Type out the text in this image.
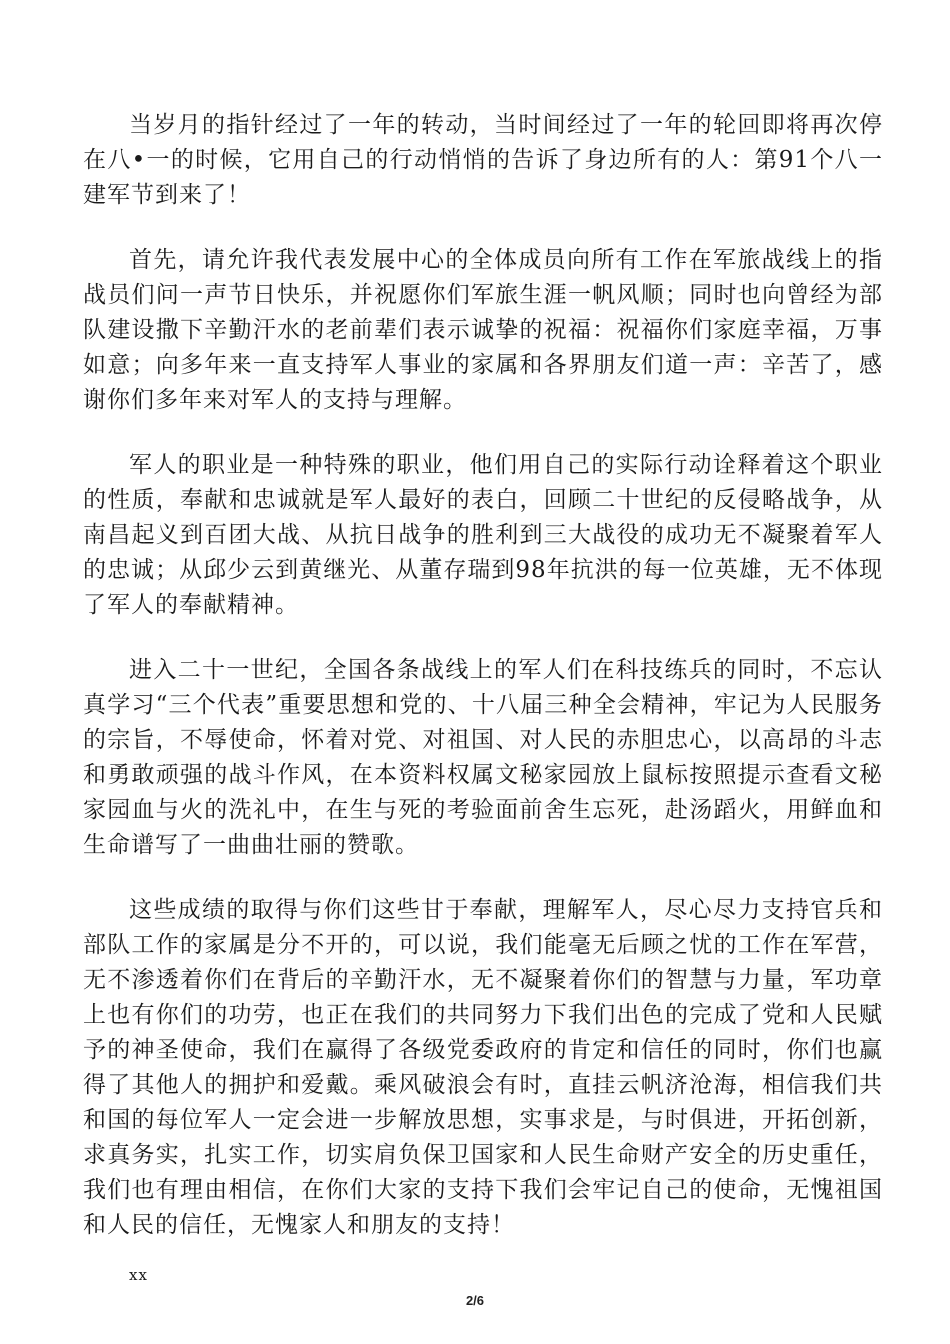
当岁月的指针经过了一年的转动，当时间经过了一年的轮回即将再次停在八•一的时候，它用自己的行动悄悄的告诉了身边所有的人：第91个八一建军节到来了！

首先，请允许我代表发展中心的全体成员向所有工作在军旅战线上的指战员们问一声节日快乐，并祝愿你们军旅生涯一帆风顺；同时也向曾经为部队建设撒下辛勤汗水的老前辈们表示诚挚的祝福：祝福你们家庭幸福，万事如意；向多年来一直支持军人事业的家属和各界朋友们道一声：辛苦了，感谢你们多年来对军人的支持与理解。

军人的职业是一种特殊的职业，他们用自己的实际行动诠释着这个职业的性质，奉献和忠诚就是军人最好的表白，回顾二十世纪的反侵略战争，从南昌起义到百团大战、从抗日战争的胜利到三大战役的成功无不凝聚着军人的忠诚；从邱少云到黄继光、从董存瑞到98年抗洪的每一位英雄，无不体现了军人的奉献精神。

进入二十一世纪，全国各条战线上的军人们在科技练兵的同时，不忘认真学习“三个代表”重要思想和党的、十八届三种全会精神，牢记为人民服务的宗旨，不辱使命，怀着对党、对祖国、对人民的赤胆忠心，以高昂的斗志和勇敢顽强的战斗作风，在本资料权属文秘家园放上鼠标按照提示查看文秘家园血与火的洗礼中，在生与死的考验面前舍生忘死，赴汤蹈火，用鲜血和生命谱写了一曲曲壮丽的赞歌。

这些成绩的取得与你们这些甘于奉献，理解军人，尽心尽力支持官兵和部队工作的家属是分不开的，可以说，我们能毫无后顾之忧的工作在军营，无不渗透着你们在背后的辛勤汗水，无不凝聚着你们的智慧与力量，军功章上也有你们的功劳，也正在我们的共同努力下我们出色的完成了党和人民赋予的神圣使命，我们在赢得了各级党委政府的肯定和信任的同时，你们也赢得了其他人的拥护和爱戴。乘风破浪会有时，直挂云帆济沧海，相信我们共和国的每位军人一定会进一步解放思想，实事求是，与时俱进，开拓创新，求真务实，扎实工作，切实肩负保卫国家和人民生命财产安全的历史重任，我们也有理由相信，在你们大家的支持下我们会牢记自己的使命，无愧祖国和人民的信任，无愧家人和朋友的支持！

xx

2/6
